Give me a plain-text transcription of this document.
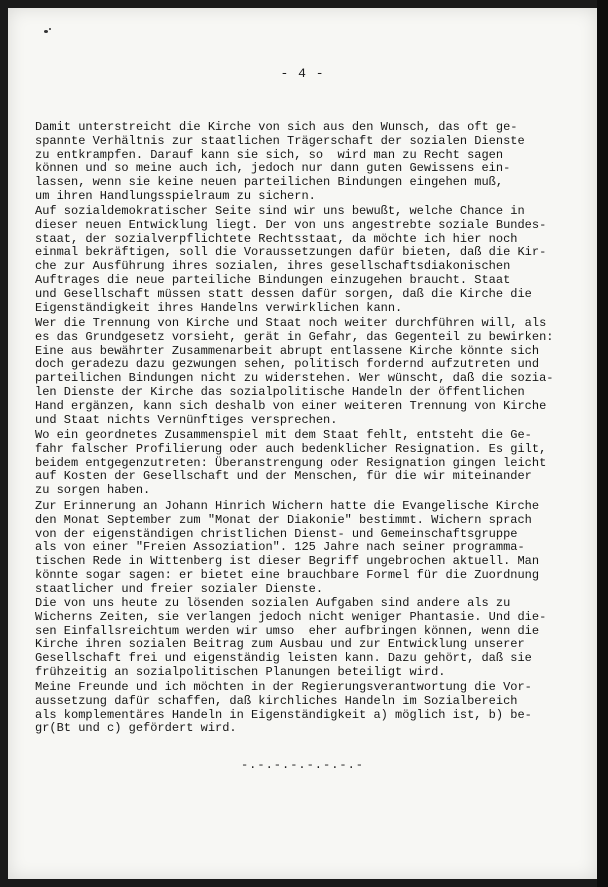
- 4 -

Damit unterstreicht die Kirche von sich aus den Wunsch, das oft ge-
spannte Verhältnis zur staatlichen Trägerschaft der sozialen Dienste
zu entkrampfen. Darauf kann sie sich, so  wird man zu Recht sagen
können und so meine auch ich, jedoch nur dann guten Gewissens ein-
lassen, wenn sie keine neuen parteilichen Bindungen eingehen muß,
um ihren Handlungsspielraum zu sichern.
Auf sozialdemokratischer Seite sind wir uns bewußt, welche Chance in
dieser neuen Entwicklung liegt. Der von uns angestrebte soziale Bundes-
staat, der sozialverpflichtete Rechtsstaat, da möchte ich hier noch
einmal bekräftigen, soll die Voraussetzungen dafür bieten, daß die Kir-
che zur Ausführung ihres sozialen, ihres gesellschaftsdiakonischen
Auftrages die neue parteiliche Bindungen einzugehen braucht. Staat
und Gesellschaft müssen statt dessen dafür sorgen, daß die Kirche die
Eigenständigkeit ihres Handelns verwirklichen kann.
Wer die Trennung von Kirche und Staat noch weiter durchführen will, als
es das Grundgesetz vorsieht, gerät in Gefahr, das Gegenteil zu bewirken:
Eine aus bewährter Zusammenarbeit abrupt entlassene Kirche könnte sich
doch geradezu dazu gezwungen sehen, politisch fordernd aufzutreten und
parteilichen Bindungen nicht zu widerstehen. Wer wünscht, daß die sozia-
len Dienste der Kirche das sozialpolitische Handeln der öffentlichen
Hand ergänzen, kann sich deshalb von einer weiteren Trennung von Kirche
und Staat nichts Vernünftiges versprechen.
Wo ein geordnetes Zusammenspiel mit dem Staat fehlt, entsteht die Ge-
fahr falscher Profilierung oder auch bedenklicher Resignation. Es gilt,
beidem entgegenzutreten: Überanstrengung oder Resignation gingen leicht
auf Kosten der Gesellschaft und der Menschen, für die wir miteinander
zu sorgen haben.
Zur Erinnerung an Johann Hinrich Wichern hatte die Evangelische Kirche
den Monat September zum "Monat der Diakonie" bestimmt. Wichern sprach
von der eigenständigen christlichen Dienst- und Gemeinschaftsgruppe
als von einer "Freien Assoziation". 125 Jahre nach seiner programma-
tischen Rede in Wittenberg ist dieser Begriff ungebrochen aktuell. Man
könnte sogar sagen: er bietet eine brauchbare Formel für die Zuordnung
staatlicher und freier sozialer Dienste.
Die von uns heute zu lösenden sozialen Aufgaben sind andere als zu
Wicherns Zeiten, sie verlangen jedoch nicht weniger Phantasie. Und die-
sen Einfallsreichtum werden wir umso  eher aufbringen können, wenn die
Kirche ihren sozialen Beitrag zum Ausbau und zur Entwicklung unserer
Gesellschaft frei und eigenständig leisten kann. Dazu gehört, daß sie
frühzeitig an sozialpolitischen Planungen beteiligt wird.
Meine Freunde und ich möchten in der Regierungsverantwortung die Vor-
aussetzung dafür schaffen, daß kirchliches Handeln im Sozialbereich
als komplementäres Handeln in Eigenständigkeit a) möglich ist, b) be-
gr(Bt und c) gefördert wird.

-.-.-.-.-.-.-.-
